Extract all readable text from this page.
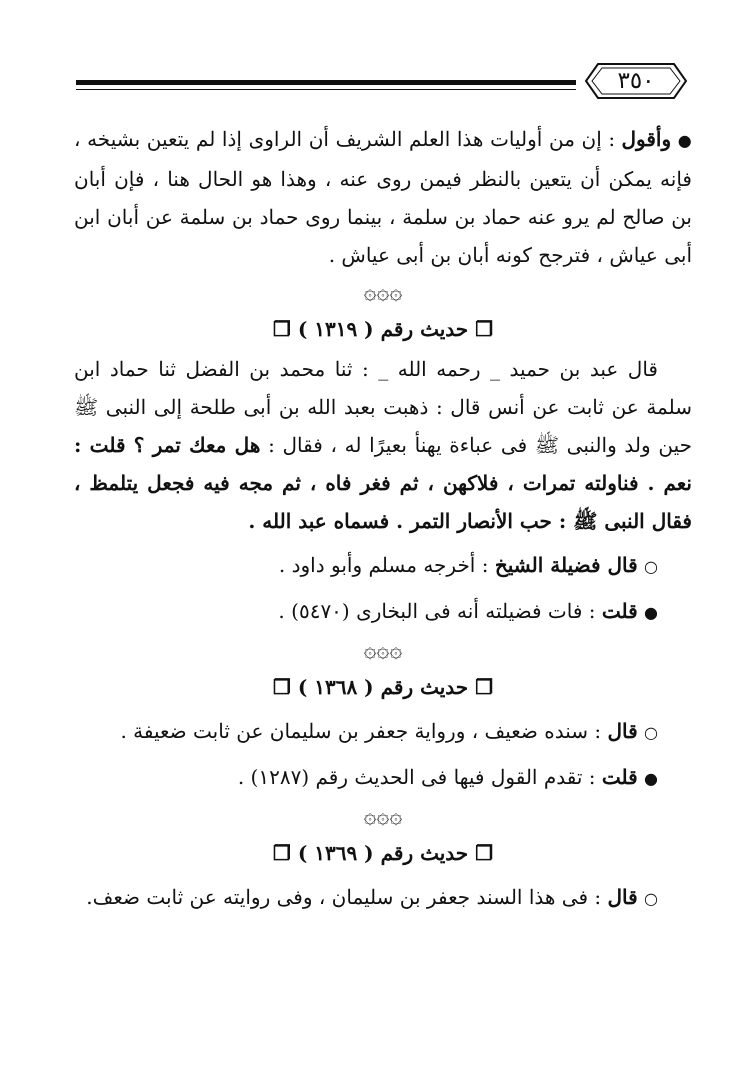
٣٥٠

● وأقول : إن من أوليات هذا العلم الشريف أن الراوى إذا لم يتعين بشيخه ، فإنه يمكن أن يتعين بالنظر فيمن روى عنه ، وهذا هو الحال هنا ، فإن أبان بن صالح لم يرو عنه حماد بن سلمة ، بينما روى حماد بن سلمة عن أبان ابن أبى عياش ، فترجح كونه أبان بن أبى عياش .

۞۞۞
❐ حديث رقم ( ١٣١٩ ) ❐

قال عبد بن حميد _ رحمه الله _ : ثنا محمد بن الفضل ثنا حماد ابن سلمة عن ثابت عن أنس قال : ذهبت بعبد الله بن أبى طلحة إلى النبى ﷺ حين ولد والنبى ﷺ فى عباءة يهنأ بعيرًا له ، فقال : هل معك تمر ؟ قلت : نعم . فناولته تمرات ، فلاكهن ، ثم فغر فاه ، ثم مجه فيه فجعل يتلمظ ، فقال النبى ﷺ : حب الأنصار التمر . فسماه عبد الله .

○ قال فضيلة الشيخ : أخرجه مسلم وأبو داود .

● قلت : فات فضيلته أنه فى البخارى (٥٤٧٠) .

۞۞۞
❐ حديث رقم ( ١٣٦٨ ) ❐

○ قال : سنده ضعيف ، ورواية جعفر بن سليمان عن ثابت ضعيفة .

● قلت : تقدم القول فيها فى الحديث رقم (١٢٨٧) .

۞۞۞
❐ حديث رقم ( ١٣٦٩ ) ❐

○ قال : فى هذا السند جعفر بن سليمان ، وفى روايته عن ثابت ضعف.
